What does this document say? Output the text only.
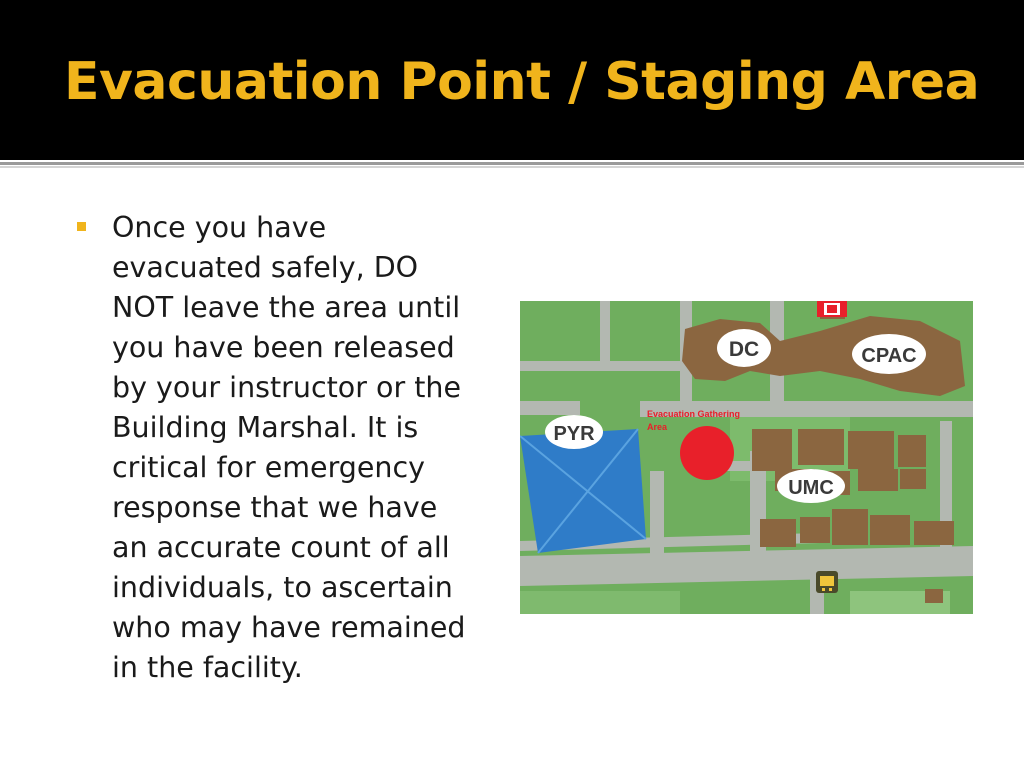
Evacuation Point / Staging Area
Once you have
evacuated safely, DO
NOT leave the area until
you have been released
by your instructor or the
Building Marshal. It is
critical for emergency
response that we have
an accurate count of all
individuals, to ascertain
who may have remained
in the facility.
Evacuation Gathering
Area
DC	CPAC
PYR
UMC
